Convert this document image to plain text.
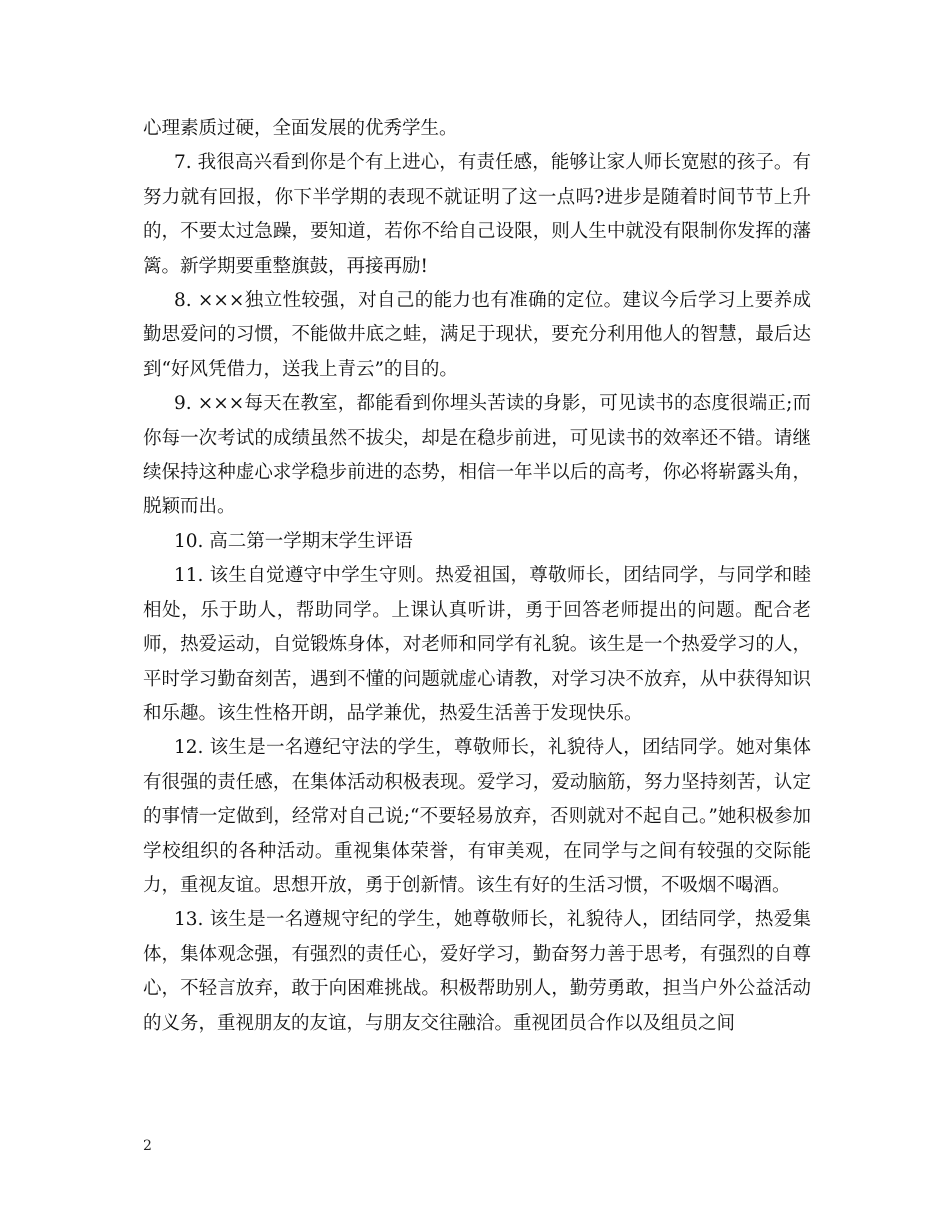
心理素质过硬，全面发展的优秀学生。

7. 我很高兴看到你是个有上进心，有责任感，能够让家人师长宽慰的孩子。有努力就有回报，你下半学期的表现不就证明了这一点吗?进步是随着时间节节上升的，不要太过急躁，要知道，若你不给自己设限，则人生中就没有限制你发挥的藩篱。新学期要重整旗鼓，再接再励!

8. ×××独立性较强，对自己的能力也有准确的定位。建议今后学习上要养成勤思爱问的习惯，不能做井底之蛙，满足于现状，要充分利用他人的智慧，最后达到“好风凭借力，送我上青云”的目的。

9. ×××每天在教室，都能看到你埋头苦读的身影，可见读书的态度很端正;而你每一次考试的成绩虽然不拔尖，却是在稳步前进，可见读书的效率还不错。请继续保持这种虚心求学稳步前进的态势，相信一年半以后的高考，你必将崭露头角，脱颖而出。

10. 高二第一学期末学生评语

11. 该生自觉遵守中学生守则。热爱祖国，尊敬师长，团结同学，与同学和睦相处，乐于助人，帮助同学。上课认真听讲，勇于回答老师提出的问题。配合老师，热爱运动，自觉锻炼身体，对老师和同学有礼貌。该生是一个热爱学习的人，平时学习勤奋刻苦，遇到不懂的问题就虚心请教，对学习决不放弃，从中获得知识和乐趣。该生性格开朗，品学兼优，热爱生活善于发现快乐。

12. 该生是一名遵纪守法的学生，尊敬师长，礼貌待人，团结同学。她对集体有很强的责任感，在集体活动积极表现。爱学习，爱动脑筋，努力坚持刻苦，认定的事情一定做到，经常对自己说;“不要轻易放弃，否则就对不起自己。”她积极参加学校组织的各种活动。重视集体荣誉，有审美观，在同学与之间有较强的交际能力，重视友谊。思想开放，勇于创新情。该生有好的生活习惯，不吸烟不喝酒。

13. 该生是一名遵规守纪的学生，她尊敬师长，礼貌待人，团结同学，热爱集体，集体观念强，有强烈的责任心，爱好学习，勤奋努力善于思考，有强烈的自尊心，不轻言放弃，敢于向困难挑战。积极帮助别人，勤劳勇敢，担当户外公益活动的义务，重视朋友的友谊，与朋友交往融洽。重视团员合作以及组员之间

2
